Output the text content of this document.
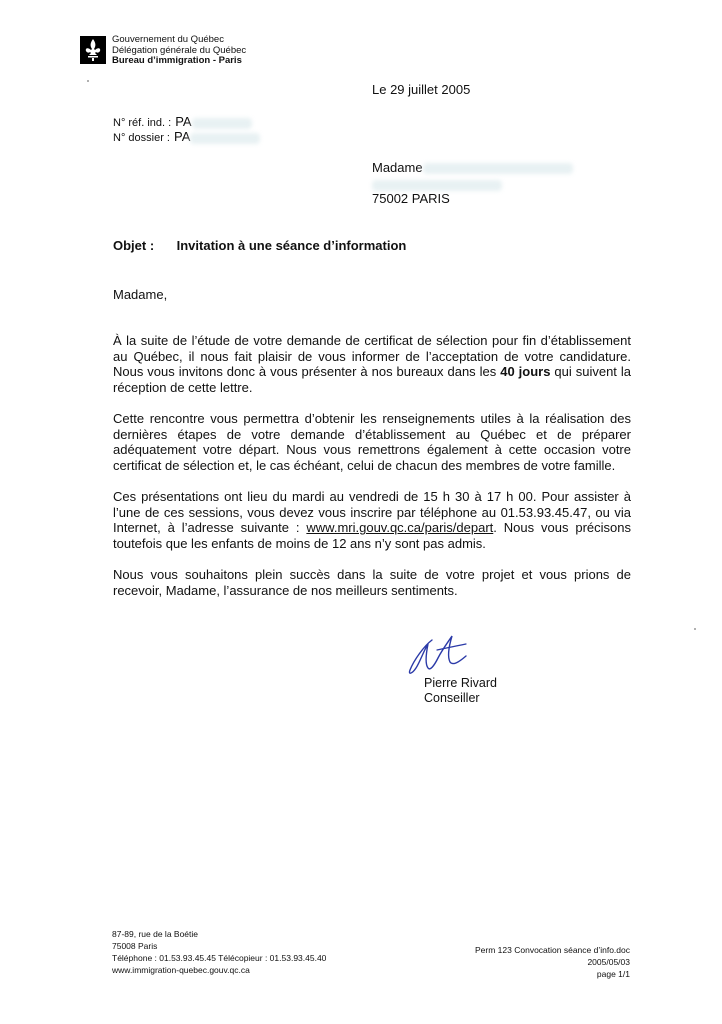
Gouvernement du Québec
Délégation générale du Québec
Bureau d’immigration - Paris
Le 29 juillet 2005
N° réf. ind. : PA
N° dossier : PA
Madame
75002 PARIS
Objet : Invitation à une séance d’information
Madame,

À la suite de l’étude de votre demande de certificat de sélection pour fin d’établissement au Québec, il nous fait plaisir de vous informer de l’acceptation de votre candidature. Nous vous invitons donc à vous présenter à nos bureaux dans les 40 jours qui suivent la réception de cette lettre.

Cette rencontre vous permettra d’obtenir les renseignements utiles à la réalisation des dernières étapes de votre demande d’établissement au Québec et de préparer adéquatement votre départ. Nous vous remettrons également à cette occasion votre certificat de sélection et, le cas échéant, celui de chacun des membres de votre famille.

Ces présentations ont lieu du mardi au vendredi de 15 h 30 à 17 h 00. Pour assister à l’une de ces sessions, vous devez vous inscrire par téléphone au 01.53.93.45.47, ou via Internet, à l’adresse suivante : www.mri.gouv.qc.ca/paris/depart. Nous vous précisons toutefois que les enfants de moins de 12 ans n’y sont pas admis.

Nous vous souhaitons plein succès dans la suite de votre projet et vous prions de recevoir, Madame, l’assurance de nos meilleurs sentiments.

Pierre Rivard
Conseiller
87-89, rue de la Boétie
75008 Paris
Téléphone : 01.53.93.45.45 Télécopieur : 01.53.93.45.40
www.immigration-quebec.gouv.qc.ca
Perm 123 Convocation séance d’info.doc
2005/05/03
page 1/1
